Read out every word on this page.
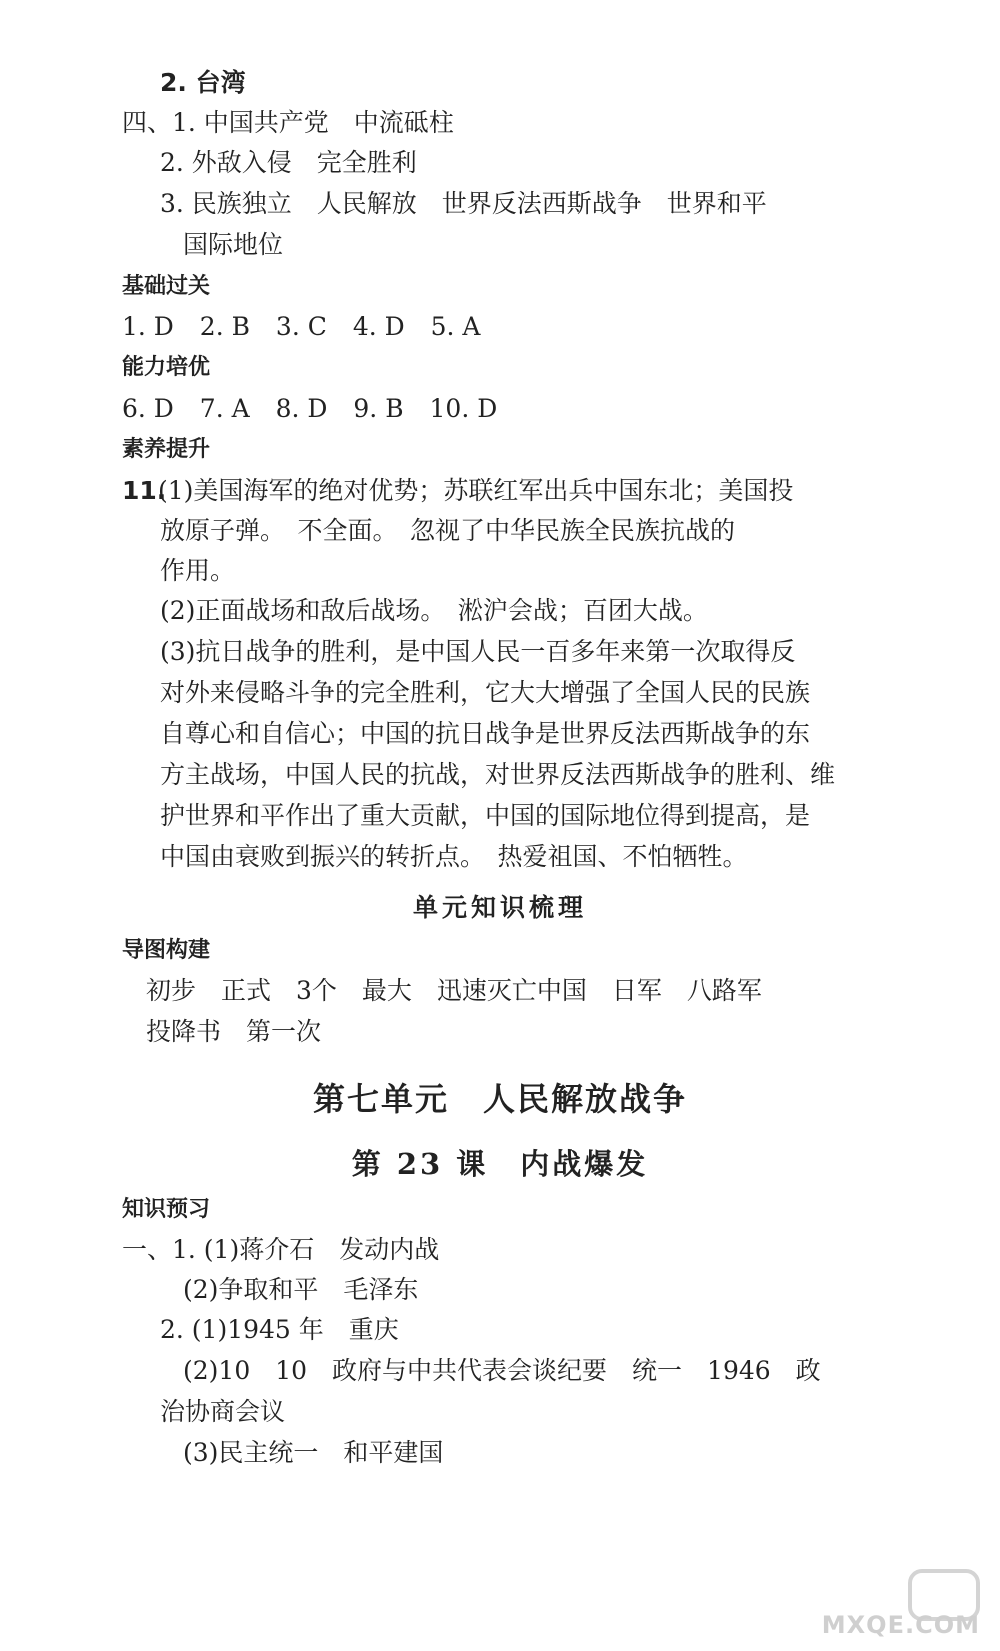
2. 台湾
四、1. 中国共产党　中流砥柱
2. 外敌入侵　完全胜利
3. 民族独立　人民解放　世界反法西斯战争　世界和平
国际地位
基础过关
1. D 2. B 3. C 4. D 5. A
能力培优
6. D 7. A 8. D 9. B 10. D
素养提升
11.
(1)美国海军的绝对优势；苏联红军出兵中国东北；美国投
放原子弹。　不全面。　忽视了中华民族全民族抗战的
作用。
(2)正面战场和敌后战场。　淞沪会战；百团大战。
(3)抗日战争的胜利，是中国人民一百多年来第一次取得反
对外来侵略斗争的完全胜利，它大大增强了全国人民的民族
自尊心和自信心；中国的抗日战争是世界反法西斯战争的东
方主战场，中国人民的抗战，对世界反法西斯战争的胜利、维
护世界和平作出了重大贡献，中国的国际地位得到提高，是
中国由衰败到振兴的转折点。　热爱祖国、不怕牺牲。
单元知识梳理
导图构建
初步　正式　3个　最大　迅速灭亡中国　日军　八路军
投降书　第一次
第七单元　人民解放战争
第 23 课　内战爆发
知识预习
一、1. (1)蒋介石　发动内战
(2)争取和平　毛泽东
2. (1)1945 年　重庆
(2)10　10　政府与中共代表会谈纪要　统一　1946　政
治协商会议
(3)民主统一　和平建国
MXQE.COM
